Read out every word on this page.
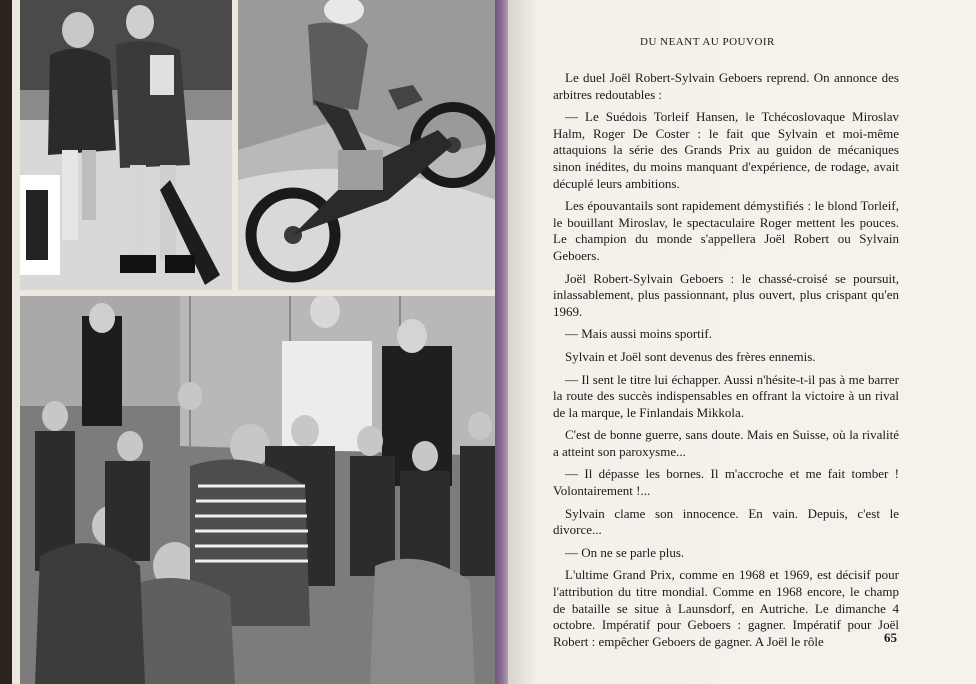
DU NEANT AU POUVOIR

Le duel Joël Robert-Sylvain Geboers reprend. On annonce des arbitres redoutables :

— Le Suédois Torleif Hansen, le Tchécoslovaque Miroslav Halm, Roger De Coster : le fait que Sylvain et moi-même attaquions la série des Grands Prix au guidon de mécaniques sinon inédites, du moins manquant d'expérience, de rodage, avait décuplé leurs ambitions.

Les épouvantails sont rapidement démystifiés : le blond Torleif, le bouillant Miroslav, le spectaculaire Roger mettent les pouces. Le champion du monde s'appellera Joël Robert ou Sylvain Geboers.

Joël Robert-Sylvain Geboers : le chassé-croisé se poursuit, inlassablement, plus passionnant, plus ouvert, plus crispant qu'en 1969.

— Mais aussi moins sportif.

Sylvain et Joël sont devenus des frères ennemis.

— Il sent le titre lui échapper. Aussi n'hésite-t-il pas à me barrer la route des succès indispensables en offrant la victoire à un rival de la marque, le Finlandais Mikkola.

C'est de bonne guerre, sans doute. Mais en Suisse, où la rivalité a atteint son paroxysme...

— Il dépasse les bornes. Il m'accroche et me fait tomber ! Volontairement !...

Sylvain clame son innocence. En vain. Depuis, c'est le divorce...

— On ne se parle plus.

L'ultime Grand Prix, comme en 1968 et 1969, est décisif pour l'attribution du titre mondial. Comme en 1968 encore, le champ de bataille se situe à Launsdorf, en Autriche. Le dimanche 4 octobre. Impératif pour Geboers : gagner. Impératif pour Joël Robert : empêcher Geboers de gagner. A Joël le rôle	65
